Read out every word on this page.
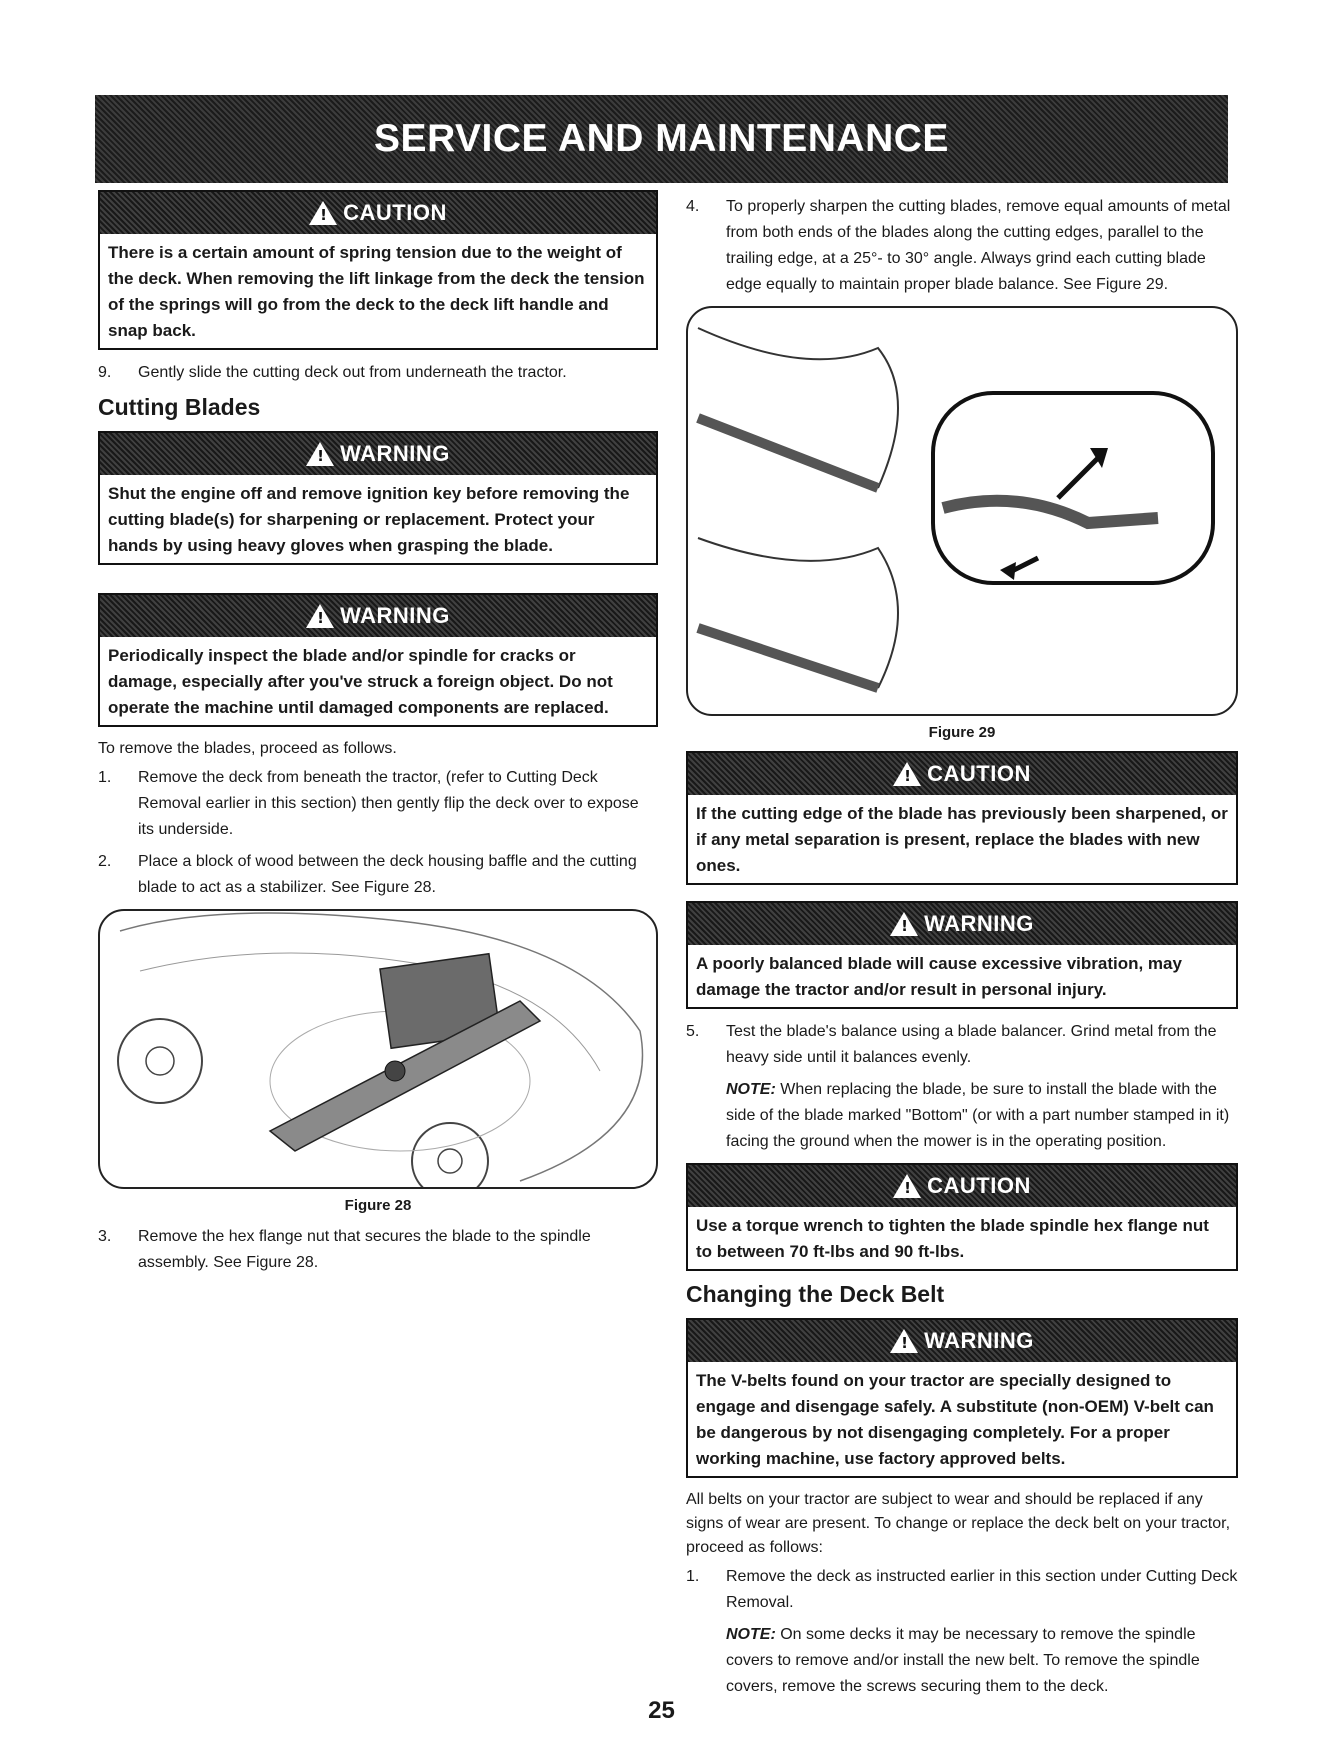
SERVICE AND MAINTENANCE
!
CAUTION
There is a certain amount of spring tension due to the weight of the deck. When removing the lift linkage from the deck the tension of the springs will go from the deck to the deck lift handle and snap back.
9.	Gently slide the cutting deck out from underneath the tractor.
Cutting Blades
!
WARNING
Shut the engine off and remove ignition key before removing the cutting blade(s) for sharpening or replacement. Protect your hands by using heavy gloves when grasping the blade.
!
WARNING
Periodically inspect the blade and/or spindle for cracks or damage, especially after you've struck a foreign object. Do not operate the machine until damaged components are replaced.

To remove the blades, proceed as follows.

1.	Remove the deck from beneath the tractor, (refer to Cutting Deck Removal earlier in this section) then gently flip the deck over to expose its underside.
2.	Place a block of wood between the deck housing baffle and the cutting blade to act as a stabilizer. See Figure 28.
Figure 28
3.	Remove the hex flange nut that secures the blade to the spindle assembly. See Figure 28.
4.	To properly sharpen the cutting blades, remove equal amounts of metal from both ends of the blades along the cutting edges, parallel to the trailing edge, at a 25°- to 30° angle. Always grind each cutting blade edge equally to maintain proper blade balance. See Figure 29.
Figure 29
!
CAUTION
If the cutting edge of the blade has previously been sharpened, or if any metal separation is present, replace the blades with new ones.
!
WARNING
A poorly balanced blade will cause excessive vibration, may damage the tractor and/or result in personal injury.
5.	Test the blade's balance using a blade balancer. Grind metal from the heavy side until it balances evenly.
NOTE: When replacing the blade, be sure to install the blade with the side of the blade marked "Bottom" (or with a part number stamped in it) facing the ground when the mower is in the operating position.
!
CAUTION
Use a torque wrench to tighten the blade spindle hex flange nut to between 70 ft-lbs and 90 ft-lbs.
Changing the Deck Belt
!
WARNING
The V-belts found on your tractor are specially designed to engage and disengage safely. A substitute (non-OEM) V-belt can be dangerous by not disengaging completely. For a proper working machine, use factory approved belts.

All belts on your tractor are subject to wear and should be replaced if any signs of wear are present. To change or replace the deck belt on your tractor, proceed as follows:

1.	Remove the deck as instructed earlier in this section under Cutting Deck Removal.
NOTE: On some decks it may be necessary to remove the spindle covers to remove and/or install the new belt. To remove the spindle covers, remove the screws securing them to the deck.
25
